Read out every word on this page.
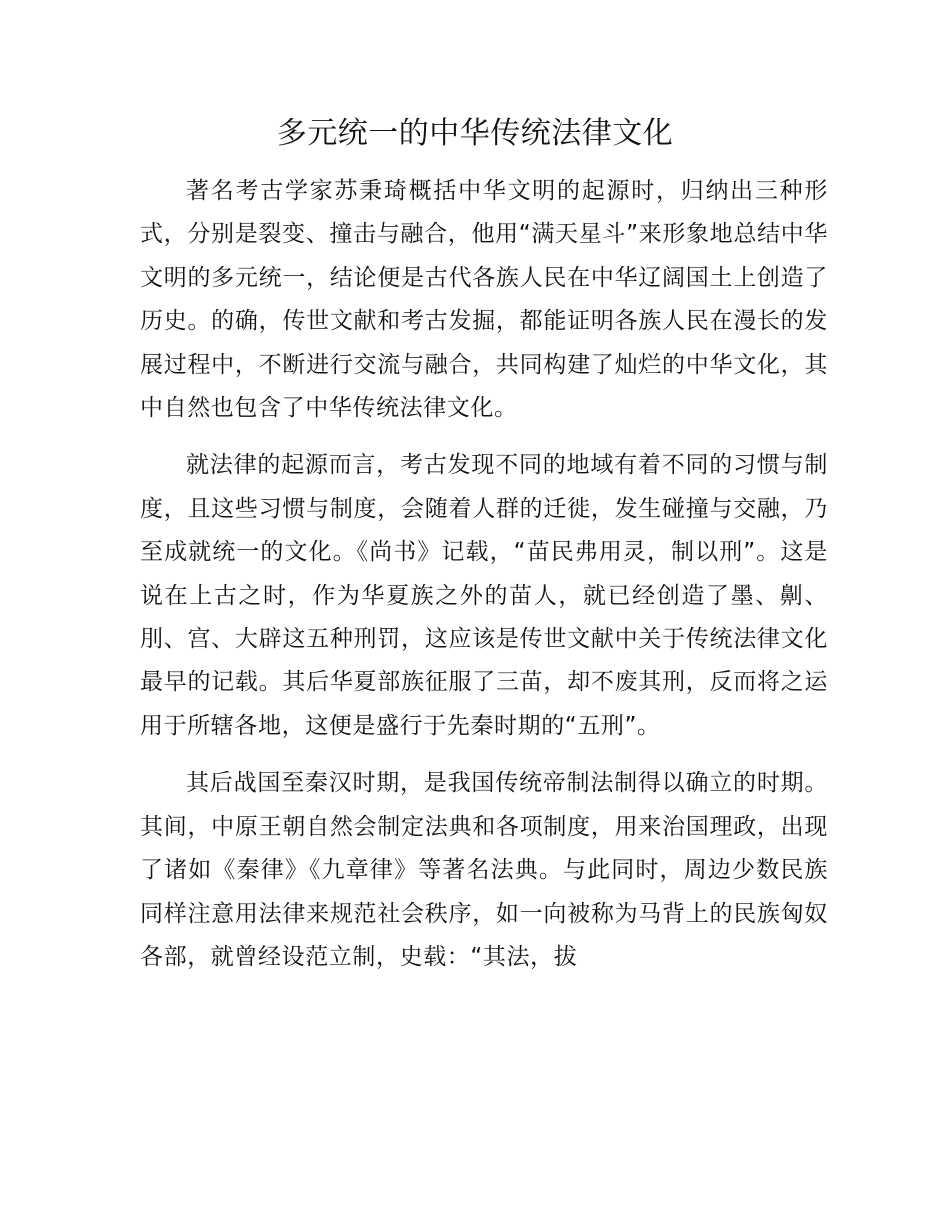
多元统一的中华传统法律文化

著名考古学家苏秉琦概括中华文明的起源时，归纳出三种形式，分别是裂变、撞击与融合，他用“满天星斗”来形象地总结中华文明的多元统一，结论便是古代各族人民在中华辽阔国土上创造了历史。的确，传世文献和考古发掘，都能证明各族人民在漫长的发展过程中，不断进行交流与融合，共同构建了灿烂的中华文化，其中自然也包含了中华传统法律文化。

就法律的起源而言，考古发现不同的地域有着不同的习惯与制度，且这些习惯与制度，会随着人群的迁徙，发生碰撞与交融，乃至成就统一的文化。《尚书》记载，“苗民弗用灵，制以刑”。这是说在上古之时，作为华夏族之外的苗人，就已经创造了墨、劓、刖、宫、大辟这五种刑罚，这应该是传世文献中关于传统法律文化最早的记载。其后华夏部族征服了三苗，却不废其刑，反而将之运用于所辖各地，这便是盛行于先秦时期的“五刑”。

其后战国至秦汉时期，是我国传统帝制法制得以确立的时期。其间，中原王朝自然会制定法典和各项制度，用来治国理政，出现了诸如《秦律》《九章律》等著名法典。与此同时，周边少数民族同样注意用法律来规范社会秩序，如一向被称为马背上的民族匈奴各部，就曾经设范立制，史载：“其法，拔
